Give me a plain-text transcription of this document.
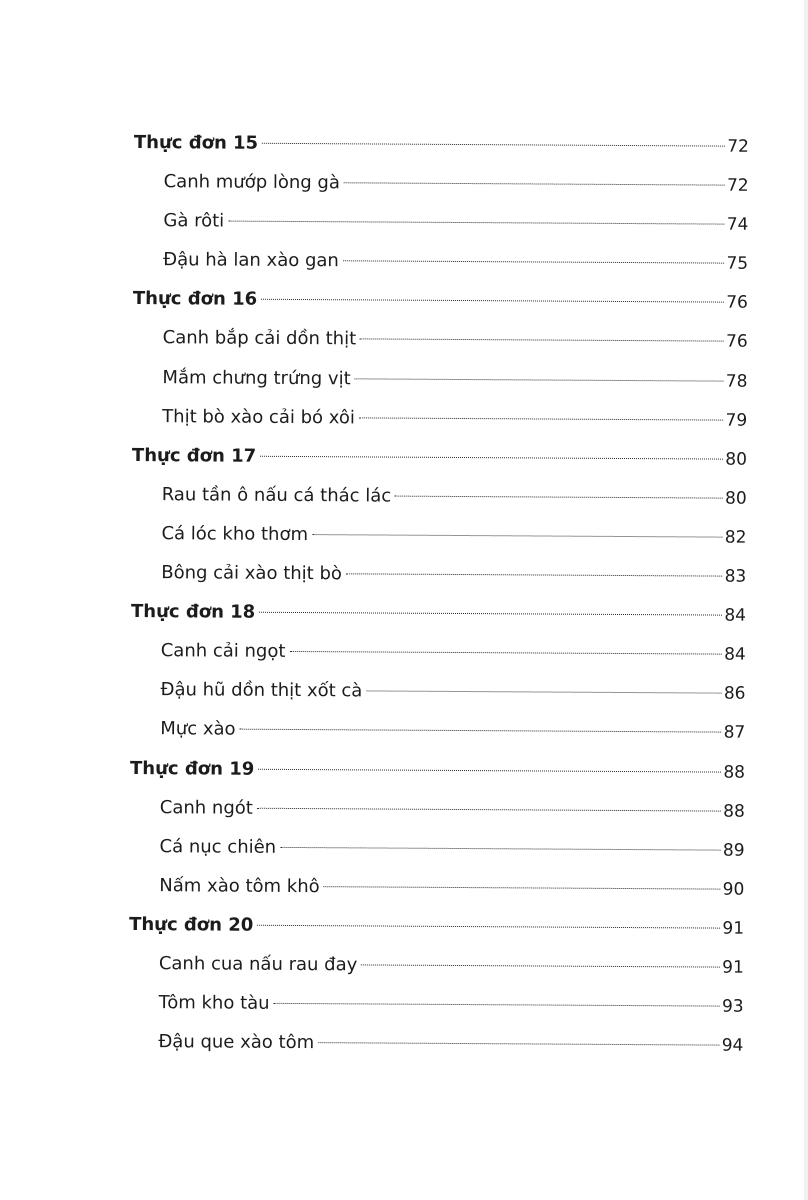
Thực đơn 15	72
Canh mướp lòng gà	72
Gà rôti	74
Đậu hà lan xào gan	75
Thực đơn 16	76
Canh bắp cải dồn thịt	76
Mắm chưng trứng vịt	78
Thịt bò xào cải bó xôi	79
Thực đơn 17	80
Rau tần ô nấu cá thác lác	80
Cá lóc kho thơm	82
Bông cải xào thịt bò	83
Thực đơn 18	84
Canh cải ngọt	84
Đậu hũ dồn thịt xốt cà	86
Mực xào	87
Thực đơn 19	88
Canh ngót	88
Cá nục chiên	89
Nấm xào tôm khô	90
Thực đơn 20	91
Canh cua nấu rau đay	91
Tôm kho tàu	93
Đậu que xào tôm	94
